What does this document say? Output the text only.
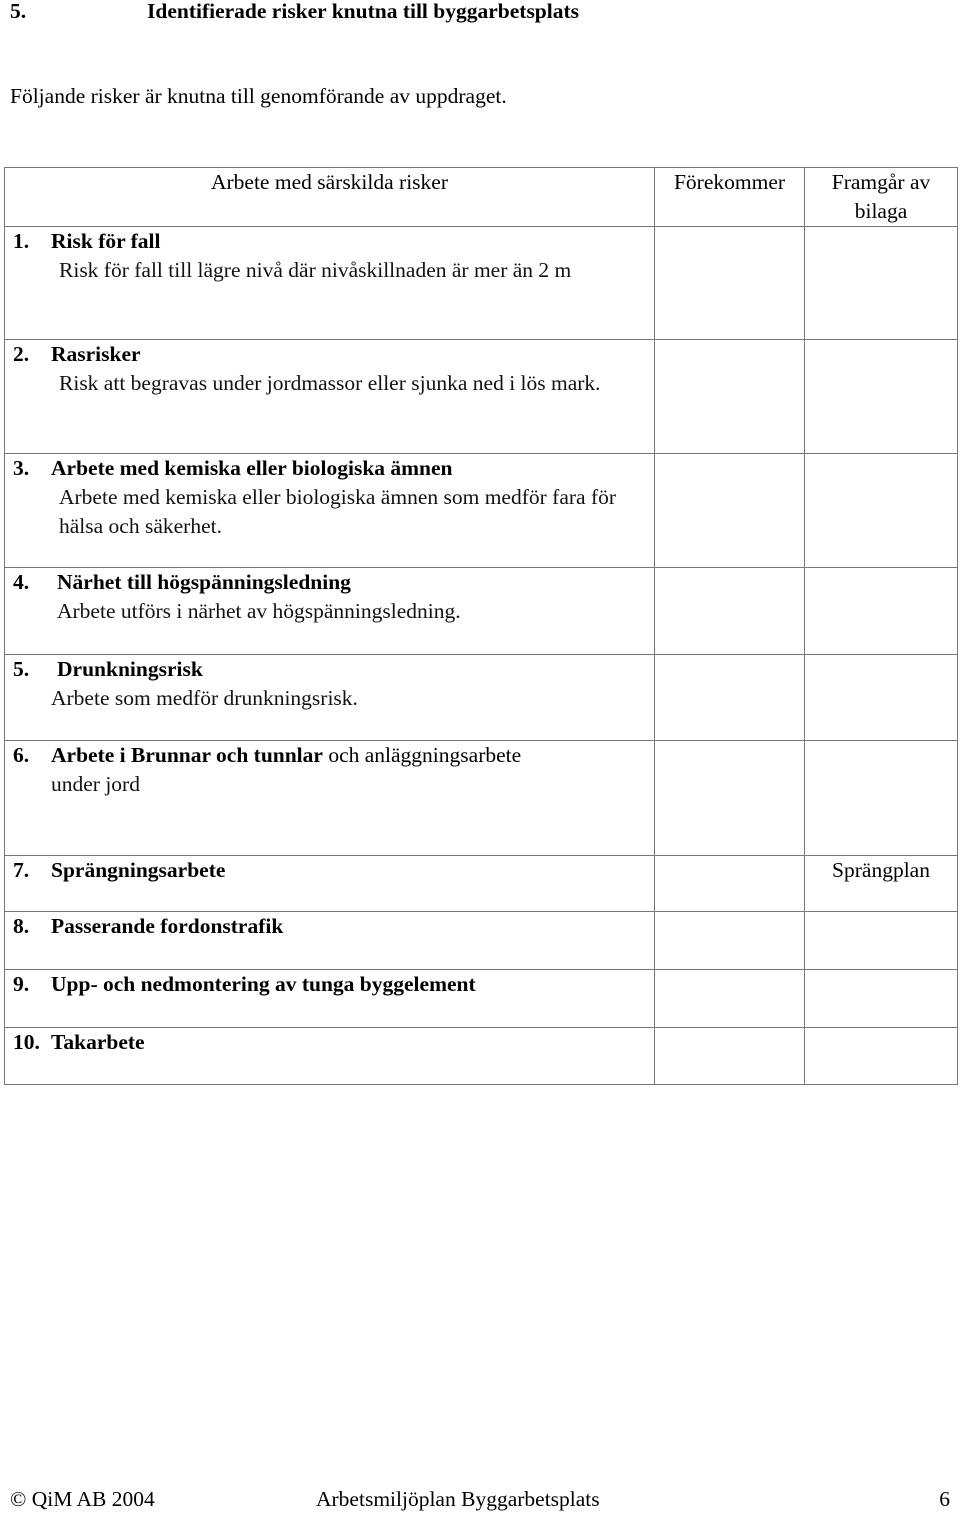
5.	Identifierade risker knutna till byggarbetsplats
Följande risker är knutna till genomförande av uppdraget.
Arbete med särskilda risker	Förekommer	Framgår av bilaga

1. Risk för fall
Risk för fall till lägre nivå där nivåskillnaden är mer än 2 m		

2. Rasrisker
Risk att begravas under jordmassor eller sjunka ned i lös mark.		

3. Arbete med kemiska eller biologiska ämnen
Arbete med kemiska eller biologiska ämnen som medför fara för hälsa och säkerhet.		

4. Närhet till högspänningsledning
Arbete utförs i närhet av högspänningsledning.		

5. Drunkningsrisk
Arbete som medför drunkningsrisk.		

6. Arbete i Brunnar och tunnlar och anläggningsarbete
under jord		

7. Sprängningsarbete		Sprängplan

8. Passerande fordonstrafik		

9. Upp- och nedmontering av tunga byggelement		

10. Takarbete		

© QiM AB 2004	Arbetsmiljöplan Byggarbetsplats	6
